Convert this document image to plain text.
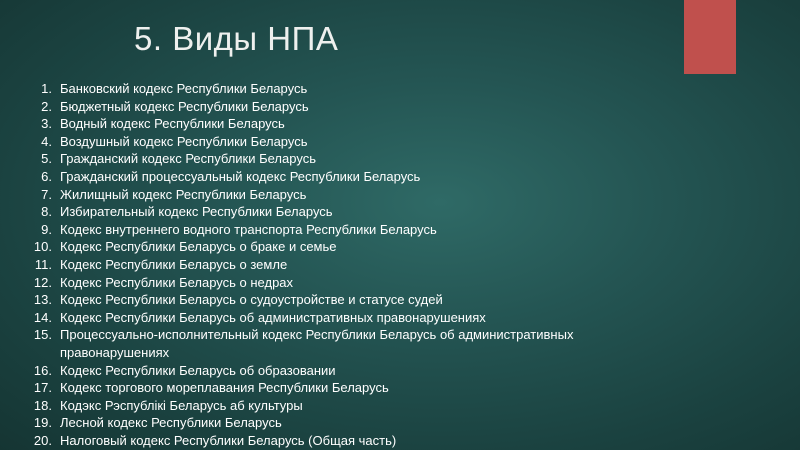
5. Виды НПА
1. Банковский кодекс Республики Беларусь
2. Бюджетный кодекс Республики Беларусь
3. Водный кодекс Республики Беларусь
4. Воздушный кодекс Республики Беларусь
5. Гражданский кодекс Республики Беларусь
6. Гражданский процессуальный кодекс Республики Беларусь
7. Жилищный кодекс Республики Беларусь
8. Избирательный кодекс Республики Беларусь
9. Кодекс внутреннего водного транспорта Республики Беларусь
10. Кодекс Республики Беларусь о браке и семье
11. Кодекс Республики Беларусь о земле
12. Кодекс Республики Беларусь о недрах
13. Кодекс Республики Беларусь о судоустройстве и статусе судей
14. Кодекс Республики Беларусь об административных правонарушениях
15. Процессуально-исполнительный кодекс Республики Беларусь об административных правонарушениях
16. Кодекс Республики Беларусь об образовании
17. Кодекс торгового мореплавания Республики Беларусь
18. Кодэкс Рэспублікі Беларусь аб культуры
19. Лесной кодекс Республики Беларусь
20. Налоговый кодекс Республики Беларусь (Общая часть)
